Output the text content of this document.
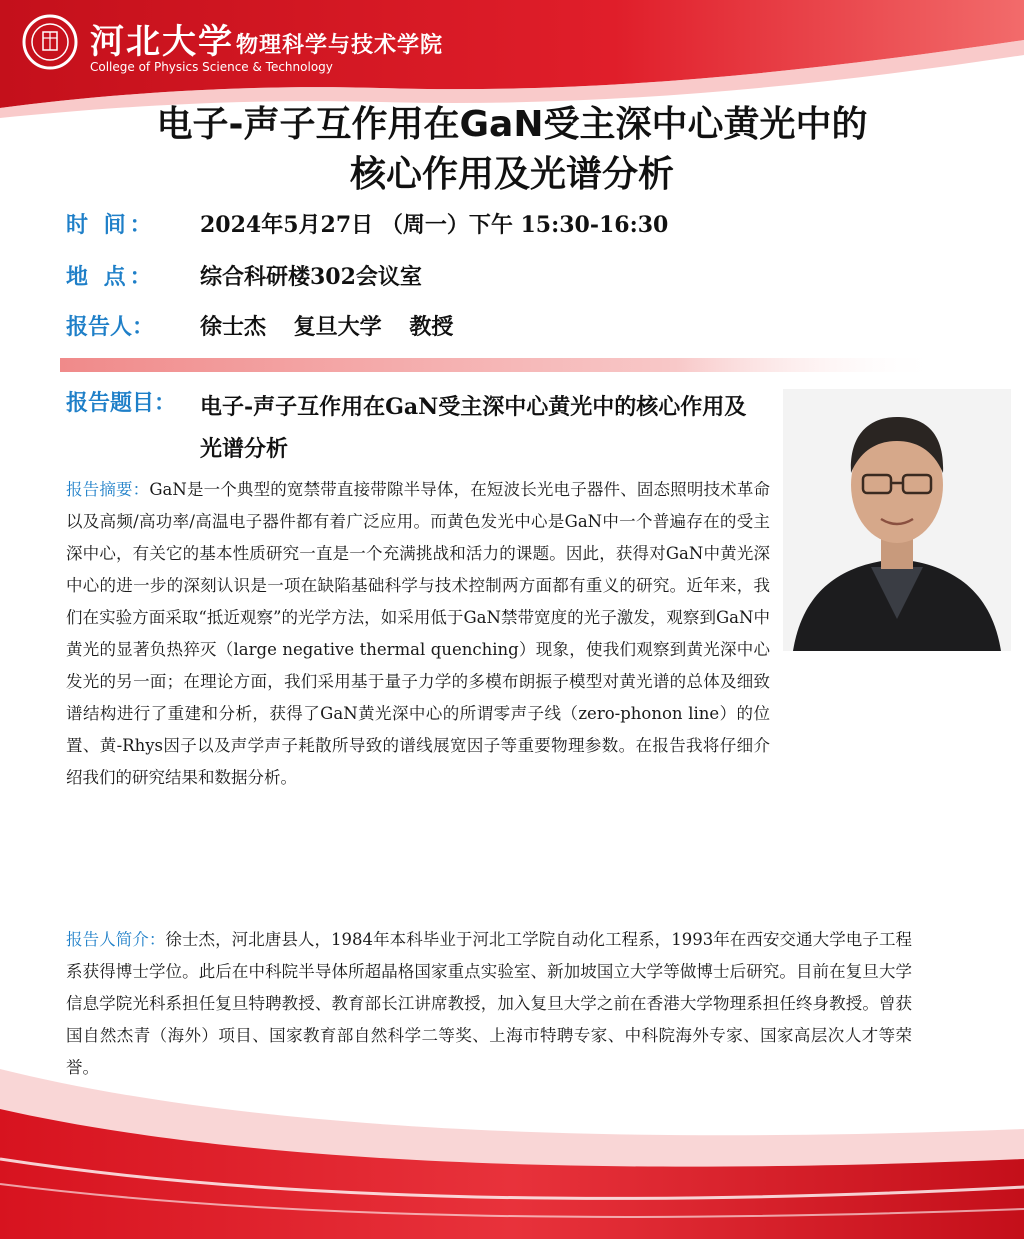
河北大学 物理科学与技术学院
College of Physics Science & Technology
电子-声子互作用在GaN受主深中心黄光中的
核心作用及光谱分析
时 间： 2024年5月27日 （周一）下午 15:30-16:30
地 点： 综合科研楼302会议室
报告人： 徐士杰 复旦大学 教授
报告题目： 电子-声子互作用在GaN受主深中心黄光中的核心作用及光谱分析
报告摘要：GaN是一个典型的宽禁带直接带隙半导体，在短波长光电子器件、固态照明技术革命以及高频/高功率/高温电子器件都有着广泛应用。而黄色发光中心是GaN中一个普遍存在的受主深中心，有关它的基本性质研究一直是一个充满挑战和活力的课题。因此，获得对GaN中黄光深中心的进一步的深刻认识是一项在缺陷基础科学与技术控制两方面都有重义的研究。近年来，我们在实验方面采取“抵近观察”的光学方法，如采用低于GaN禁带宽度的光子激发，观察到GaN中黄光的显著负热猝灭（large negative thermal quenching）现象，使我们观察到黄光深中心发光的另一面；在理论方面，我们采用基于量子力学的多模布朗振子模型对黄光谱的总体及细致谱结构进行了重建和分析，获得了GaN黄光深中心的所谓零声子线（zero-phonon line）的位置、黄-Rhys因子以及声学声子耗散所导致的谱线展宽因子等重要物理参数。在报告我将仔细介绍我们的研究结果和数据分析。
报告人简介：徐士杰，河北唐县人，1984年本科毕业于河北工学院自动化工程系，1993年在西安交通大学电子工程系获得博士学位。此后在中科院半导体所超晶格国家重点实验室、新加坡国立大学等做博士后研究。目前在复旦大学信息学院光科系担任复旦特聘教授、教育部长江讲席教授，加入复旦大学之前在香港大学物理系担任终身教授。曾获国自然杰青（海外）项目、国家教育部自然科学二等奖、上海市特聘专家、中科院海外专家、国家高层次人才等荣誉。
